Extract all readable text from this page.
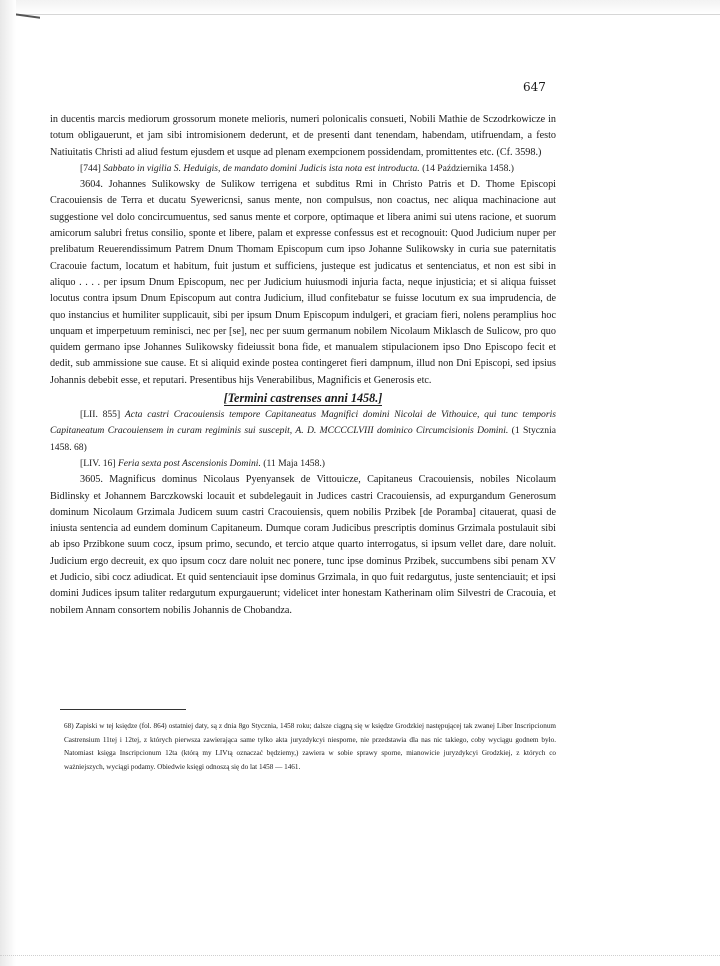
647

in ducentis marcis mediorum grossorum monete melioris, numeri polonicalis consueti, Nobili Mathie de Sczodrkowicze in totum obligauerunt, et jam sibi intromisionem dederunt, et de presenti dant tenendam, habendam, utifruendam, a festo Natiuitatis Christi ad aliud festum ejusdem et usque ad plenam exempcionem possidendam, promittentes etc. (Cf. 3598.)

[744] Sabbato in vigilia S. Heduigis, de mandato domini Judicis ista nota est introducta. (14 Października 1458.)

3604. Johannes Sulikowsky de Sulikow terrigena et subditus Rmi in Christo Patris et D. Thome Episcopi Cracouiensis de Terra et ducatu Syewericnsi, sanus mente, non compulsus, non coactus, nec aliqua machinacione aut suggestione vel dolo concircumuentus, sed sanus mente et corpore, optimaque et libera animi sui utens racione, et suorum amicorum salubri fretus consilio, sponte et libere, palam et expresse confessus est et recognouit: Quod Judicium nuper per prelibatum Reuerendissimum Patrem Dnum Thomam Episcopum cum ipso Johanne Sulikowsky in curia sue paternitatis Cracouie factum, locatum et habitum, fuit justum et sufficiens, justeque est judicatus et sentenciatus, et non est sibi in aliquo . . . . per ipsum Dnum Episcopum, nec per Judicium huiusmodi injuria facta, neque injusticia; et si aliqua fuisset locutus contra ipsum Dnum Episcopum aut contra Judicium, illud confitebatur se fuisse locutum ex sua imprudencia, de quo instancius et humiliter supplicauit, sibi per ipsum Dnum Episcopum indulgeri, et graciam fieri, nolens peramplius hoc unquam et imperpetuum reminisci, nec per [se], nec per suum germanum nobilem Nicolaum Miklasch de Sulicow, pro quo quidem germano ipse Johannes Sulikowsky fideiussit bona fide, et manualem stipulacionem ipso Dno Episcopo fecit et dedit, sub ammissione sue cause. Et si aliquid exinde postea contingeret fieri dampnum, illud non Dni Episcopi, sed ipsius Johannis debebit esse, et reputari. Presentibus hijs Venerabilibus, Magnificis et Generosis etc.

[Termini castrenses anni 1458.]

[LII. 855] Acta castri Cracouiensis tempore Capitaneatus Magnifici domini Nicolai de Vithouice, qui tunc temporis Capitaneatum Cracouiensem in curam regiminis sui suscepit, A. D. MCCCCLVIII dominico Circumcisionis Domini. (1 Stycznia 1458. 68)

[LIV. 16] Feria sexta post Ascensionis Domini. (11 Maja 1458.)

3605. Magnificus dominus Nicolaus Pyenyansek de Vittouicze, Capitaneus Cracouiensis, nobiles Nicolaum Bidlinsky et Johannem Barczkowski locauit et subdelegauit in Judices castri Cracouiensis, ad expurgandum Generosum dominum Nicolaum Grzimala Judicem suum castri Cracouiensis, quem nobilis Przibek [de Poramba] citauerat, quasi de iniusta sentencia ad eundem dominum Capitaneum. Dumque coram Judicibus prescriptis dominus Grzimala postulauit sibi ab ipso Przibkone suum cocz, ipsum primo, secundo, et tercio atque quarto interrogatus, si ipsum vellet dare, dare noluit. Judicium ergo decreuit, ex quo ipsum cocz dare noluit nec ponere, tunc ipse dominus Przibek, succumbens sibi penam XV et Judicio, sibi cocz adiudicat. Et quid sentenciauit ipse dominus Grzimala, in quo fuit redargutus, juste sentenciauit; et ipsi domini Judices ipsum taliter redargutum expurgauerunt; videlicet inter honestam Katherinam olim Silvestri de Cracouia, et nobilem Annam consortem nobilis Johannis de Chobandza.

68) Zapiski w tej księdze (fol. 864) ostatniej daty, są z dnia 8go Stycznia, 1458 roku; dalsze ciągną się w księdze Grodzkiej następującej tak zwanej Liber Inscripcionum Castrensium 11tej i 12tej, z których pierwsza zawierająca same tylko akta juryzdykcyi niesporne, nie przedstawia dla nas nic takiego, coby wyciągu godnem było. Natomiast księga Inscripcionum 12ta (którą my LIVtą oznaczać będziemy,) zawiera w sobie sprawy sporne, mianowicie juryzdykcyi Grodzkiej, z których co ważniejszych, wyciągi podamy. Obiedwie księgi odnoszą się do lat 1458 — 1461.
